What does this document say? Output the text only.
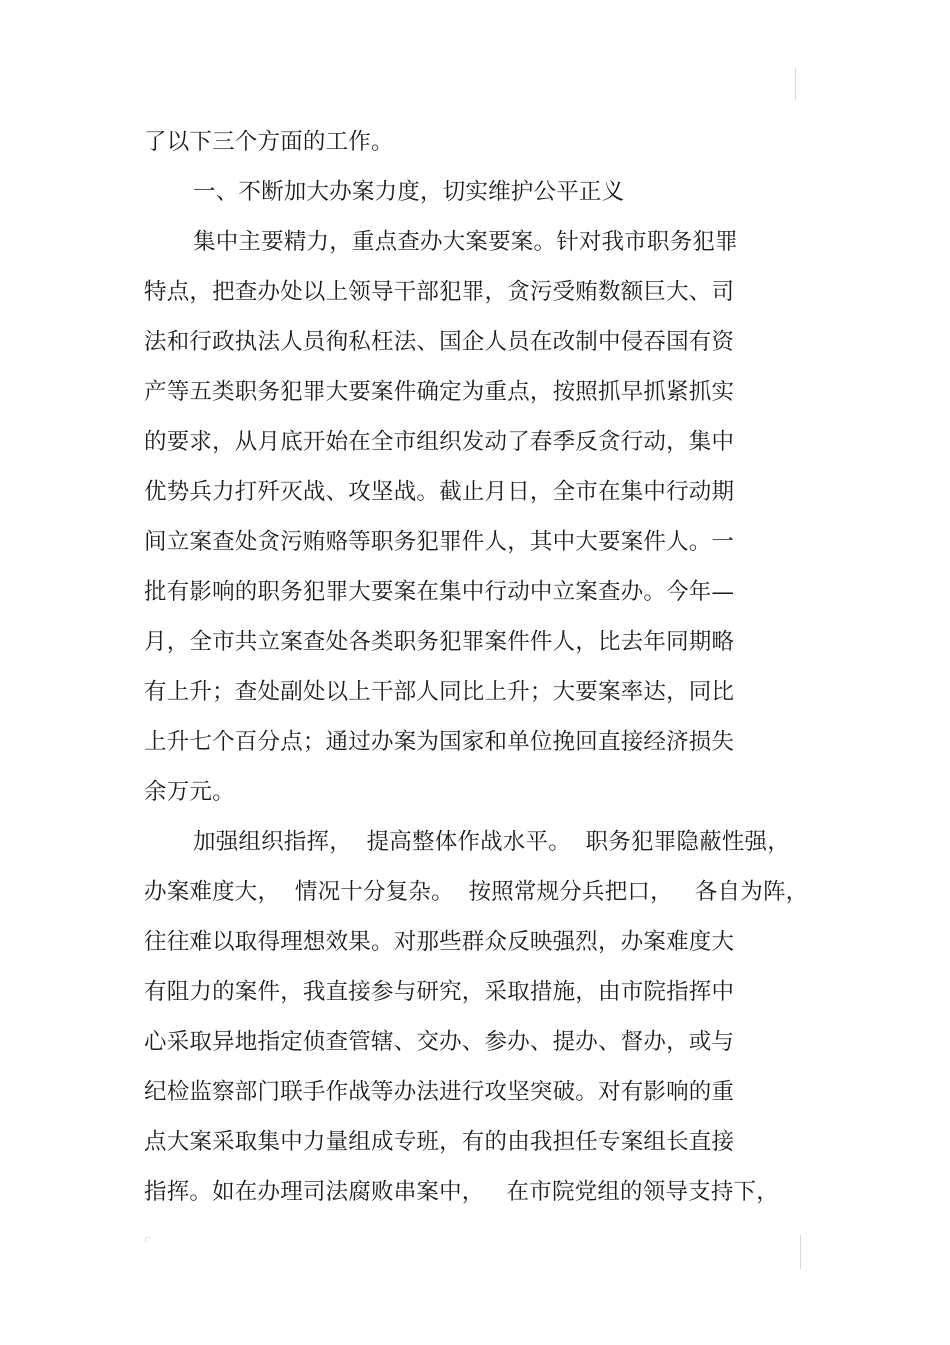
了以下三个方面的工作。
一、不断加大办案力度，切实维护公平正义
集中主要精力，重点查办大案要案。针对我市职务犯罪
特点，把查办处以上领导干部犯罪，贪污受贿数额巨大、司
法和行政执法人员徇私枉法、国企人员在改制中侵吞国有资
产等五类职务犯罪大要案件确定为重点，按照抓早抓紧抓实
的要求，从月底开始在全市组织发动了春季反贪行动，集中
优势兵力打歼灭战、攻坚战。截止月日，全市在集中行动期
间立案查处贪污贿赂等职务犯罪件人，其中大要案件人。一
批有影响的职务犯罪大要案在集中行动中立案查办。今年—
月，全市共立案查处各类职务犯罪案件件人，比去年同期略
有上升；查处副处以上干部人同比上升；大要案率达，同比
上升七个百分点；通过办案为国家和单位挽回直接经济损失
余万元。
加强组织指挥，  提高整体作战水平。  职务犯罪隐蔽性强，
办案难度大，  情况十分复杂。  按照常规分兵把口，   各自为阵，
往往难以取得理想效果。对那些群众反映强烈，办案难度大
有阻力的案件，我直接参与研究，采取措施，由市院指挥中
心采取异地指定侦查管辖、交办、参办、提办、督办，或与
纪检监察部门联手作战等办法进行攻坚突破。对有影响的重
点大案采取集中力量组成专班，有的由我担任专案组长直接
指挥。如在办理司法腐败串案中，   在市院党组的领导支持下，
